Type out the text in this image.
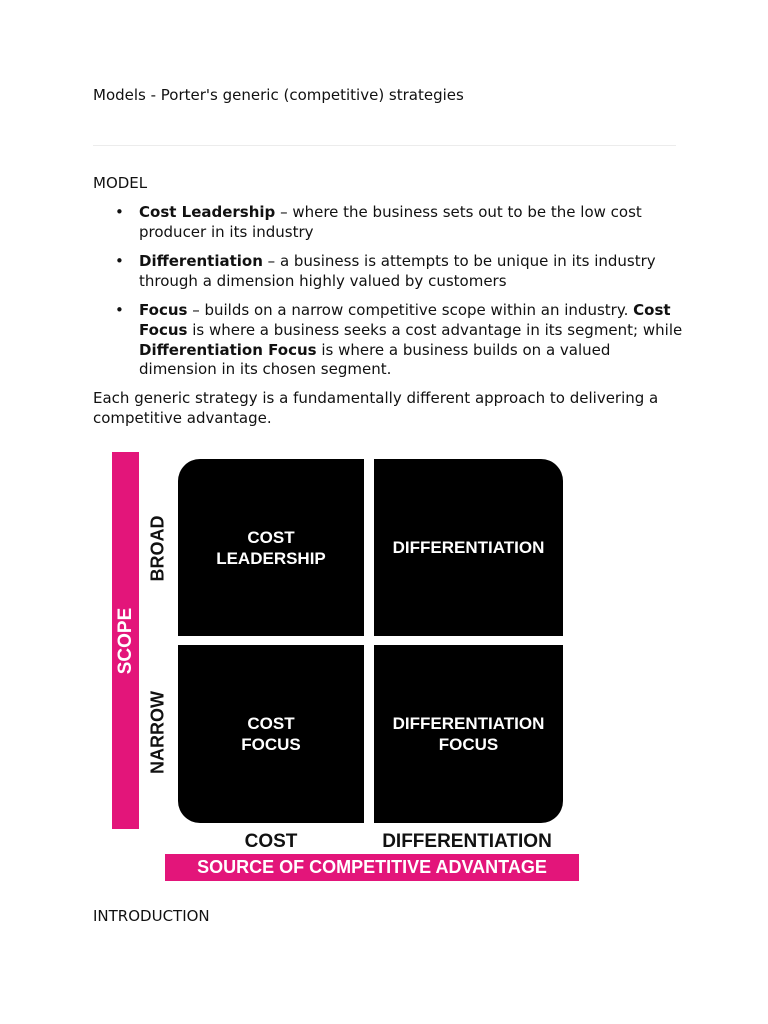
Models - Porter's generic (competitive) strategies
MODEL
• Cost Leadership – where the business sets out to be the low cost producer in its industry
• Differentiation – a business is attempts to be unique in its industry through a dimension highly valued by customers
• Focus – builds on a narrow competitive scope within an industry. Cost Focus is where a business seeks a cost advantage in its segment; while Differentiation Focus is where a business builds on a valued dimension in its chosen segment.
Each generic strategy is a fundamentally different approach to delivering a competitive advantage.
SCOPE
BROAD
NARROW
COST
LEADERSHIP
DIFFERENTIATION
COST
FOCUS
DIFFERENTIATION
FOCUS
COST	DIFFERENTIATION
SOURCE OF COMPETITIVE ADVANTAGE
INTRODUCTION
